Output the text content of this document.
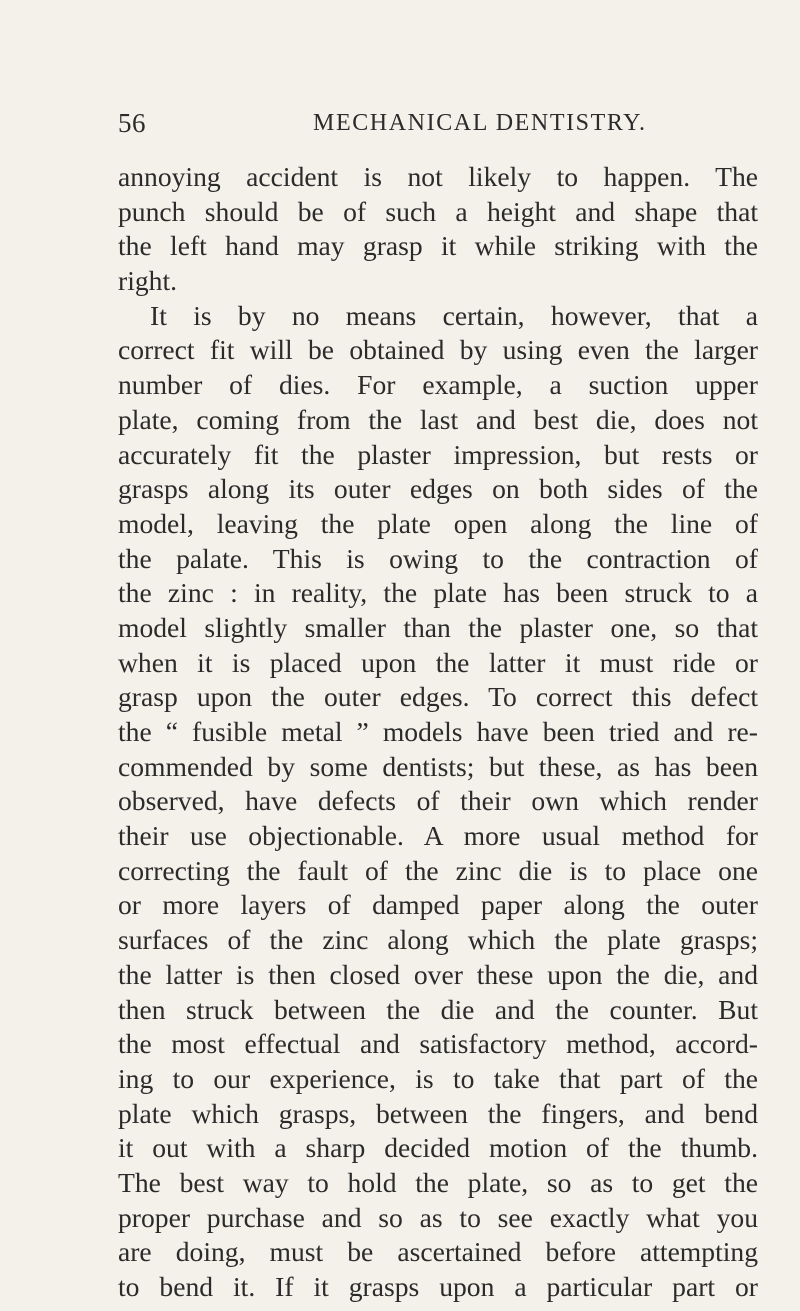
56	MECHANICAL DENTISTRY.
annoying accident is not likely to happen. The
punch should be of such a height and shape that
the left hand may grasp it while striking with the
right.
It is by no means certain, however, that a
correct fit will be obtained by using even the larger
number of dies. For example, a suction upper
plate, coming from the last and best die, does not
accurately fit the plaster impression, but rests or
grasps along its outer edges on both sides of the
model, leaving the plate open along the line of
the palate. This is owing to the contraction of
the zinc : in reality, the plate has been struck to a
model slightly smaller than the plaster one, so that
when it is placed upon the latter it must ride or
grasp upon the outer edges. To correct this defect
the “ fusible metal ” models have been tried and re-
commended by some dentists; but these, as has been
observed, have defects of their own which render
their use objectionable. A more usual method for
correcting the fault of the zinc die is to place one
or more layers of damped paper along the outer
surfaces of the zinc along which the plate grasps;
the latter is then closed over these upon the die, and
then struck between the die and the counter. But
the most effectual and satisfactory method, accord-
ing to our experience, is to take that part of the
plate which grasps, between the fingers, and bend
it out with a sharp decided motion of the thumb.
The best way to hold the plate, so as to get the
proper purchase and so as to see exactly what you
are doing, must be ascertained before attempting
to bend it. If it grasps upon a particular part or
